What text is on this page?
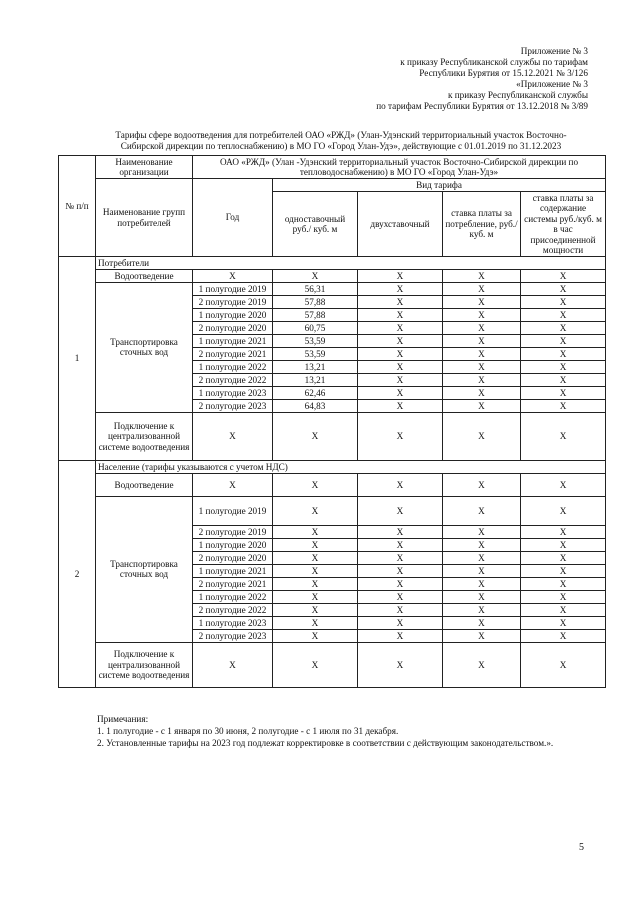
Приложение № 3
к приказу Республиканской службы по тарифам
Республики Бурятия от 15.12.2021 № 3/126
«Приложение № 3
к приказу Республиканской службы
по тарифам Республики Бурятия от 13.12.2018 № 3/89
Тарифы сфере водоотведения для потребителей ОАО «РЖД» (Улан-Удэнский территориальный участок Восточно-Сибирской дирекции по теплоснабжению) в МО ГО «Город Улан-Удэ», действующие с 01.01.2019 по 31.12.2023
№ п/п	Наименование организации	ОАО «РЖД» (Улан -Удэнский территориальный участок Восточно-Сибирской дирекции по тепловодоснабжению) в МО ГО «Город Улан-Удэ»				
	Наименование групп потребителей	Год	Вид тарифа			
			одноставочный руб./ куб. м	двухставочный	ставка платы за потребление, руб./ куб. м	ставка платы за содержание системы руб./куб. м в час присоединенной мощности
1	Потребители					
	Водоотведение	X	X	X	X	X
	Транспортировка сточных вод	1 полугодие 2019	56,31	X	X	X
		2 полугодие 2019	57,88	X	X	X
		1 полугодие 2020	57,88	X	X	X
		2 полугодие 2020	60,75	X	X	X
		1 полугодие 2021	53,59	X	X	X
		2 полугодие 2021	53,59	X	X	X
		1 полугодие 2022	13,21	X	X	X
		2 полугодие 2022	13,21	X	X	X
		1 полугодие 2023	62,46	X	X	X
		2 полугодие 2023	64,83	X	X	X
	Подключение к централизованной системе водоотведения	X	X	X	X	X
2	Население (тарифы указываются с учетом НДС)					
	Водоотведение	X	X	X	X	X
	Транспортировка сточных вод	1 полугодие 2019	X	X	X	X
		2 полугодие 2019	X	X	X	X
		1 полугодие 2020	X	X	X	X
		2 полугодие 2020	X	X	X	X
		1 полугодие 2021	X	X	X	X
		2 полугодие 2021	X	X	X	X
		1 полугодие 2022	X	X	X	X
		2 полугодие 2022	X	X	X	X
		1 полугодие 2023	X	X	X	X
		2 полугодие 2023	X	X	X	X
	Подключение к централизованной системе водоотведения	X	X	X	X	X
Примечания:
1. 1 полугодие - с 1 января по 30 июня, 2 полугодие - с 1 июля по 31 декабря.
2. Установленные тарифы на 2023 год подлежат корректировке в соответствии с действующим законодательством.».
5
